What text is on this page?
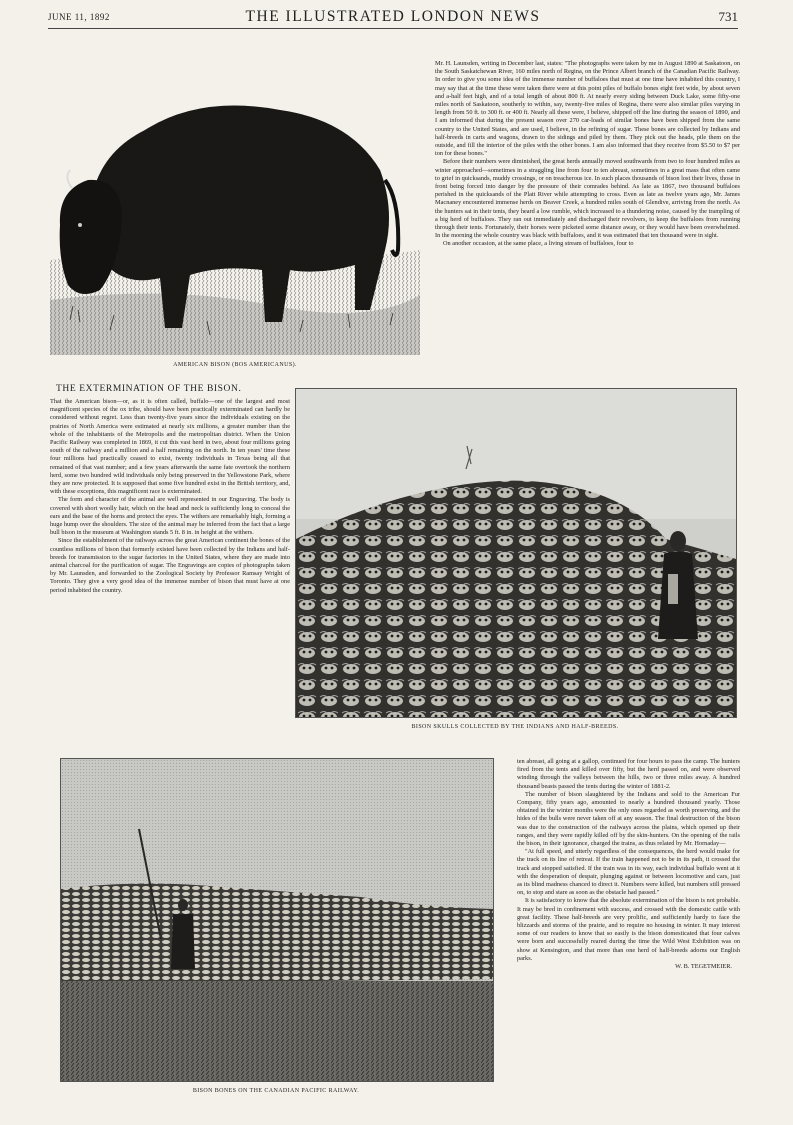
JUNE 11, 1892	THE ILLUSTRATED LONDON NEWS	731
AMERICAN BISON (BOS AMERICANUS).

Mr. H. Launsden, writing in December last, states: "The photographs were taken by me in August 1890 at Saskatoon, on the South Saskatchewan River, 160 miles north of Regina, on the Prince Albert branch of the Canadian Pacific Railway. In order to give you some idea of the immense number of buffaloes that must at one time have inhabited this country, I may say that at the time these were taken there were at this point piles of buffalo bones eight feet wide, by about seven and a-half feet high, and of a total length of about 800 ft. At nearly every siding between Duck Lake, some fifty-one miles north of Saskatoon, southerly to within, say, twenty-five miles of Regina, there were also similar piles varying in length from 50 ft. to 300 ft. or 400 ft. Nearly all these were, I believe, shipped off the line during the season of 1890, and I am informed that during the present season over 270 car-loads of similar bones have been shipped from the same country to the United States, and are used, I believe, in the refining of sugar. These bones are collected by Indians and half-breeds in carts and wagons, drawn to the sidings and piled by them. They pick out the heads, pile them on the outside, and fill the interior of the piles with the other bones. I am also informed that they receive from $5.50 to $7 per ton for these bones."

Before their numbers were diminished, the great herds annually moved southwards from two to four hundred miles as winter approached—sometimes in a straggling line from four to ten abreast, sometimes in a great mass that often came to grief in quicksands, muddy crossings, or on treacherous ice. In such places thousands of bison lost their lives, those in front being forced into danger by the pressure of their comrades behind. As late as 1867, two thousand buffaloes perished in the quicksands of the Platt River while attempting to cross. Even as late as twelve years ago, Mr. James Macnaney encountered immense herds on Beaver Creek, a hundred miles south of Glendive, arriving from the north. As the hunters sat in their tents, they heard a low rumble, which increased to a thundering noise, caused by the trampling of a big herd of buffaloes. They ran out immediately and discharged their revolvers, to keep the buffaloes from running through their tents. Fortunately, their horses were picketed some distance away, or they would have been overwhelmed. In the morning the whole country was black with buffaloes, and it was estimated that ten thousand were in sight.

On another occasion, at the same place, a living stream of buffaloes, four to

THE EXTERMINATION OF THE BISON.

That the American bison—or, as it is often called, buffalo—one of the largest and most magnificent species of the ox tribe, should have been practically exterminated can hardly be considered without regret. Less than twenty-five years since the individuals existing on the prairies of North America were estimated at nearly six millions, a greater number than the whole of the inhabitants of the Metropolis and the metropolitan district. When the Union Pacific Railway was completed in 1869, it cut this vast herd in two, about four millions going south of the railway and a million and a half remaining on the north. In ten years' time these four millions had practically ceased to exist, twenty individuals in Texas being all that remained of that vast number; and a few years afterwards the same fate overtook the northern herd, some two hundred wild individuals only being preserved in the Yellowstone Park, where they are now protected. It is supposed that some five hundred exist in the British territory, and, with these exceptions, this magnificent race is exterminated.

The form and character of the animal are well represented in our Engraving. The body is covered with short woolly hair, which on the head and neck is sufficiently long to conceal the ears and the base of the horns and protect the eyes. The withers are remarkably high, forming a huge hump over the shoulders. The size of the animal may be inferred from the fact that a large bull bison in the museum at Washington stands 5 ft. 8 in. in height at the withers.

Since the establishment of the railways across the great American continent the bones of the countless millions of bison that formerly existed have been collected by the Indians and half-breeds for transmission to the sugar factories in the United States, where they are made into animal charcoal for the purification of sugar. The Engravings are copies of photographs taken by Mr. Launsden, and forwarded to the Zoological Society by Professor Ramsay Wright of Toronto. They give a very good idea of the immense number of bison that must have at one period inhabited the country.

BISON SKULLS COLLECTED BY THE INDIANS AND HALF-BREEDS.
BISON BONES ON THE CANADIAN PACIFIC RAILWAY.

ten abreast, all going at a gallop, continued for four hours to pass the camp. The hunters fired from the tents and killed over fifty, but the herd passed on, and were observed winding through the valleys between the hills, two or three miles away. A hundred thousand beasts passed the tents during the winter of 1881-2.

The number of bison slaughtered by the Indians and sold to the American Fur Company, fifty years ago, amounted to nearly a hundred thousand yearly. Those obtained in the winter months were the only ones regarded as worth preserving, and the hides of the bulls were never taken off at any season. The final destruction of the bison was due to the construction of the railways across the plains, which opened up their ranges, and they were rapidly killed off by the skin-hunters. On the opening of the rails the bison, in their ignorance, charged the trains, as thus related by Mr. Hornaday—

"At full speed, and utterly regardless of the consequences, the herd would make for the track on its line of retreat. If the train happened not to be in its path, it crossed the track and stopped satisfied. If the train was in its way, each individual buffalo went at it with the desperation of despair, plunging against or between locomotive and cars, just as its blind madness chanced to direct it. Numbers were killed, but numbers still pressed on, to stop and stare as soon as the obstacle had passed."

It is satisfactory to know that the absolute extermination of the bison is not probable. It may be bred in confinement with success, and crossed with the domestic cattle with great facility. These half-breeds are very prolific, and sufficiently hardy to face the blizzards and storms of the prairie, and to require no housing in winter. It may interest some of our readers to know that so easily is the bison domesticated that four calves were born and successfully reared during the time the Wild West Exhibition was on show at Kensington, and that more than one herd of half-breeds adorns our English parks.

W. B. TEGETMEIER.
